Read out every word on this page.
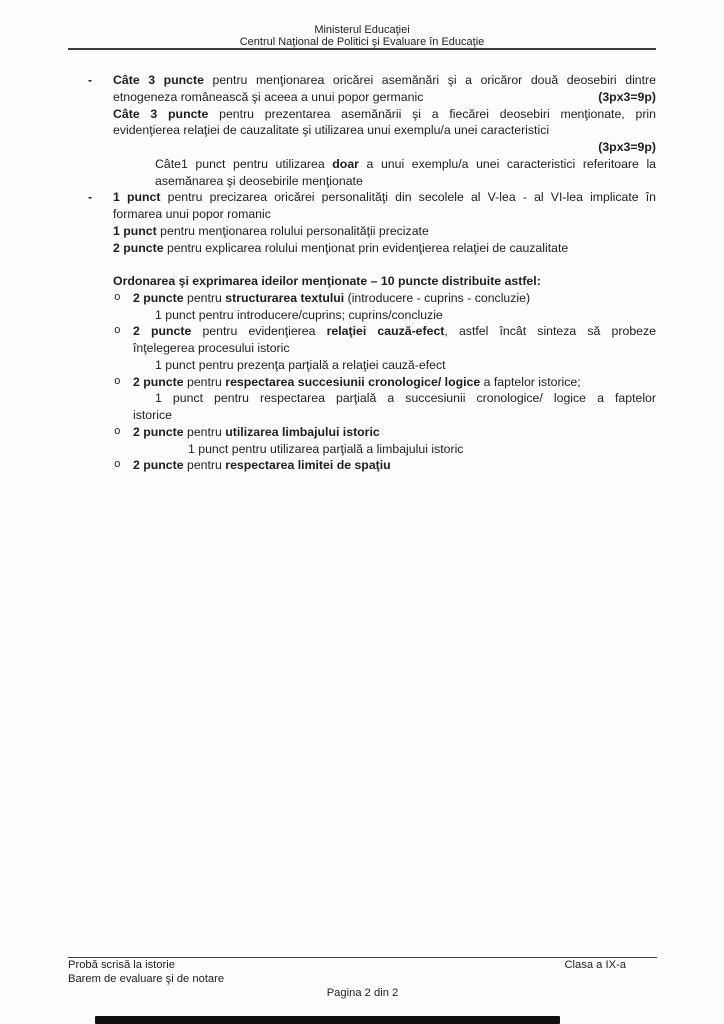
Ministerul Educaţiei
Centrul Naţional de Politici şi Evaluare în Educaţie
- Câte 3 puncte pentru menţionarea oricărei asemănări şi a oricăror două deosebiri dintre
etnogeneza românească şi aceea a unui popor germanic	(3px3=9p)
Câte 3 puncte pentru prezentarea asemănării şi a fiecărei deosebiri menţionate, prin
evidenţierea relaţiei de cauzalitate şi utilizarea unui exemplu/a unei caracteristici
(3px3=9p)
Câte1 punct pentru utilizarea doar a unui exemplu/a unei caracteristici referitoare la
asemănarea şi deosebirile menţionate
- 1 punct pentru precizarea oricărei personalităţi din secolele al V-lea - al VI-lea implicate în
formarea unui popor romanic
1 punct pentru menţionarea rolului personalităţii precizate
2 puncte pentru explicarea rolului menţionat prin evidenţierea relaţiei de cauzalitate
Ordonarea şi exprimarea ideilor menţionate – 10 puncte distribuite astfel:
o 2 puncte pentru structurarea textului (introducere - cuprins - concluzie)
1 punct pentru introducere/cuprins; cuprins/concluzie
o 2 puncte pentru evidenţierea relaţiei cauză-efect, astfel încât sinteza să probeze
înţelegerea procesului istoric
1 punct pentru prezenţa parţială a relaţiei cauză-efect
o 2 puncte pentru respectarea succesiunii cronologice/ logice a faptelor istorice;
1 punct pentru respectarea parţială a succesiunii cronologice/ logice a faptelor
istorice
o 2 puncte pentru utilizarea limbajului istoric
1 punct pentru utilizarea parţială a limbajului istoric
o 2 puncte pentru respectarea limitei de spaţiu
Probă scrisă la istorie	Clasa a IX-a
Barem de evaluare şi de notare
Pagina 2 din 2
